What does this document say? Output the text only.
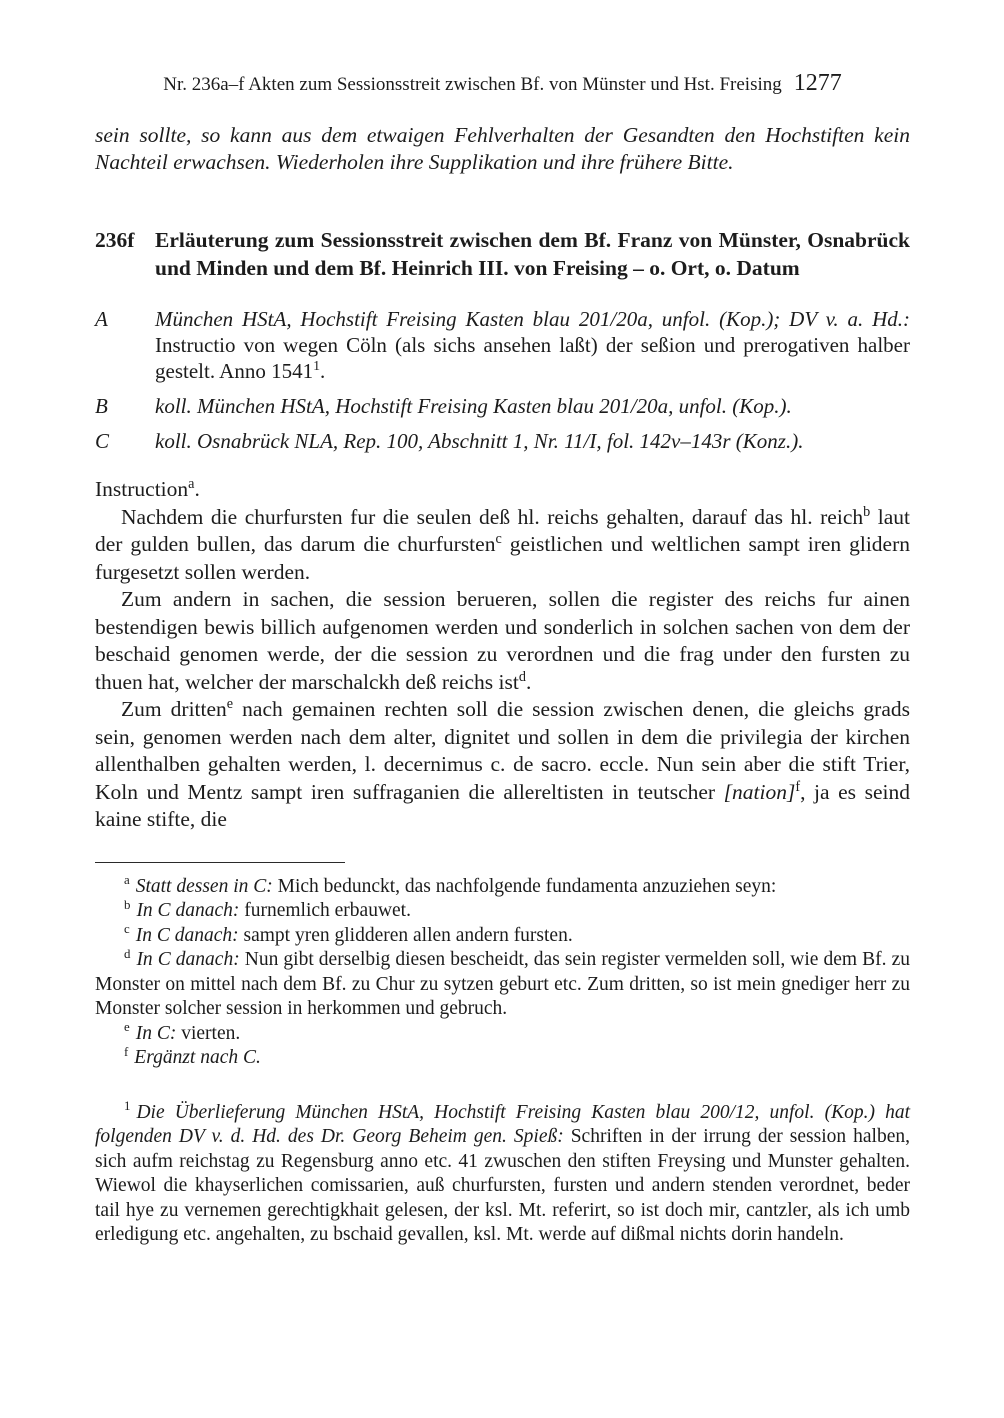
Nr. 236a–f Akten zum Sessionsstreit zwischen Bf. von Münster und Hst. Freising 1277

sein sollte, so kann aus dem etwaigen Fehlverhalten der Gesandten den Hochstiften kein Nachteil erwachsen. Wiederholen ihre Supplikation und ihre frühere Bitte.

236f Erläuterung zum Sessionsstreit zwischen dem Bf. Franz von Münster, Osnabrück und Minden und dem Bf. Heinrich III. von Freising – o. Ort, o. Datum
A	München HStA, Hochstift Freising Kasten blau 201/20a, unfol. (Kop.); DV v. a. Hd.: Instructio von wegen Cöln (als sichs ansehen laßt) der seßion und prerogativen halber gestelt. Anno 1541$^1$.
B	koll. München HStA, Hochstift Freising Kasten blau 201/20a, unfol. (Kop.).
C	koll. Osnabrück NLA, Rep. 100, Abschnitt 1, Nr. 11/I, fol. 142v–143r (Konz.).

Instruction$^a$.

Nachdem die churfursten fur die seulen deß hl. reichs gehalten, darauf das hl. reich$^b$ laut der gulden bullen, das darum die churfursten$^c$ geistlichen und weltlichen sampt iren glidern furgesetzt sollen werden.

Zum andern in sachen, die session berueren, sollen die register des reichs fur ainen bestendigen bewis billich aufgenomen werden und sonderlich in solchen sachen von dem der beschaid genomen werde, der die session zu verordnen und die frag under den fursten zu thuen hat, welcher der marschalckh deß reichs ist$^d$.

Zum dritten$^e$ nach gemainen rechten soll die session zwischen denen, die gleichs grads sein, genomen werden nach dem alter, dignitet und sollen in dem die privilegia der kirchen allenthalben gehalten werden, l. decernimus c. de sacro. eccle. Nun sein aber die stift Trier, Koln und Mentz sampt iren suffraganien die allereltisten in teutscher [nation]$^f$, ja es seind kaine stifte, die

$^a$ Statt dessen in C: Mich bedunckt, das nachfolgende fundamenta anzuziehen seyn:

$^b$ In C danach: furnemlich erbauwet.

$^c$ In C danach: sampt yren glidderen allen andern fursten.

$^d$ In C danach: Nun gibt derselbig diesen bescheidt, das sein register vermelden soll, wie dem Bf. zu Monster on mittel nach dem Bf. zu Chur zu sytzen geburt etc. Zum dritten, so ist mein gnediger herr zu Monster solcher session in herkommen und gebruch.

$^e$ In C: vierten.

$^f$ Ergänzt nach C.

$^1$ Die Überlieferung München HStA, Hochstift Freising Kasten blau 200/12, unfol. (Kop.) hat folgenden DV v. d. Hd. des Dr. Georg Beheim gen. Spieß: Schriften in der irrung der session halben, sich aufm reichstag zu Regensburg anno etc. 41 zwuschen den stiften Freysing und Munster gehalten. Wiewol die khayserlichen comissarien, auß churfursten, fursten und andern stenden verordnet, beder tail hye zu vernemen gerechtigkhait gelesen, der ksl. Mt. referirt, so ist doch mir, cantzler, als ich umb erledigung etc. angehalten, zu bschaid gevallen, ksl. Mt. werde auf dißmal nichts dorin handeln.
